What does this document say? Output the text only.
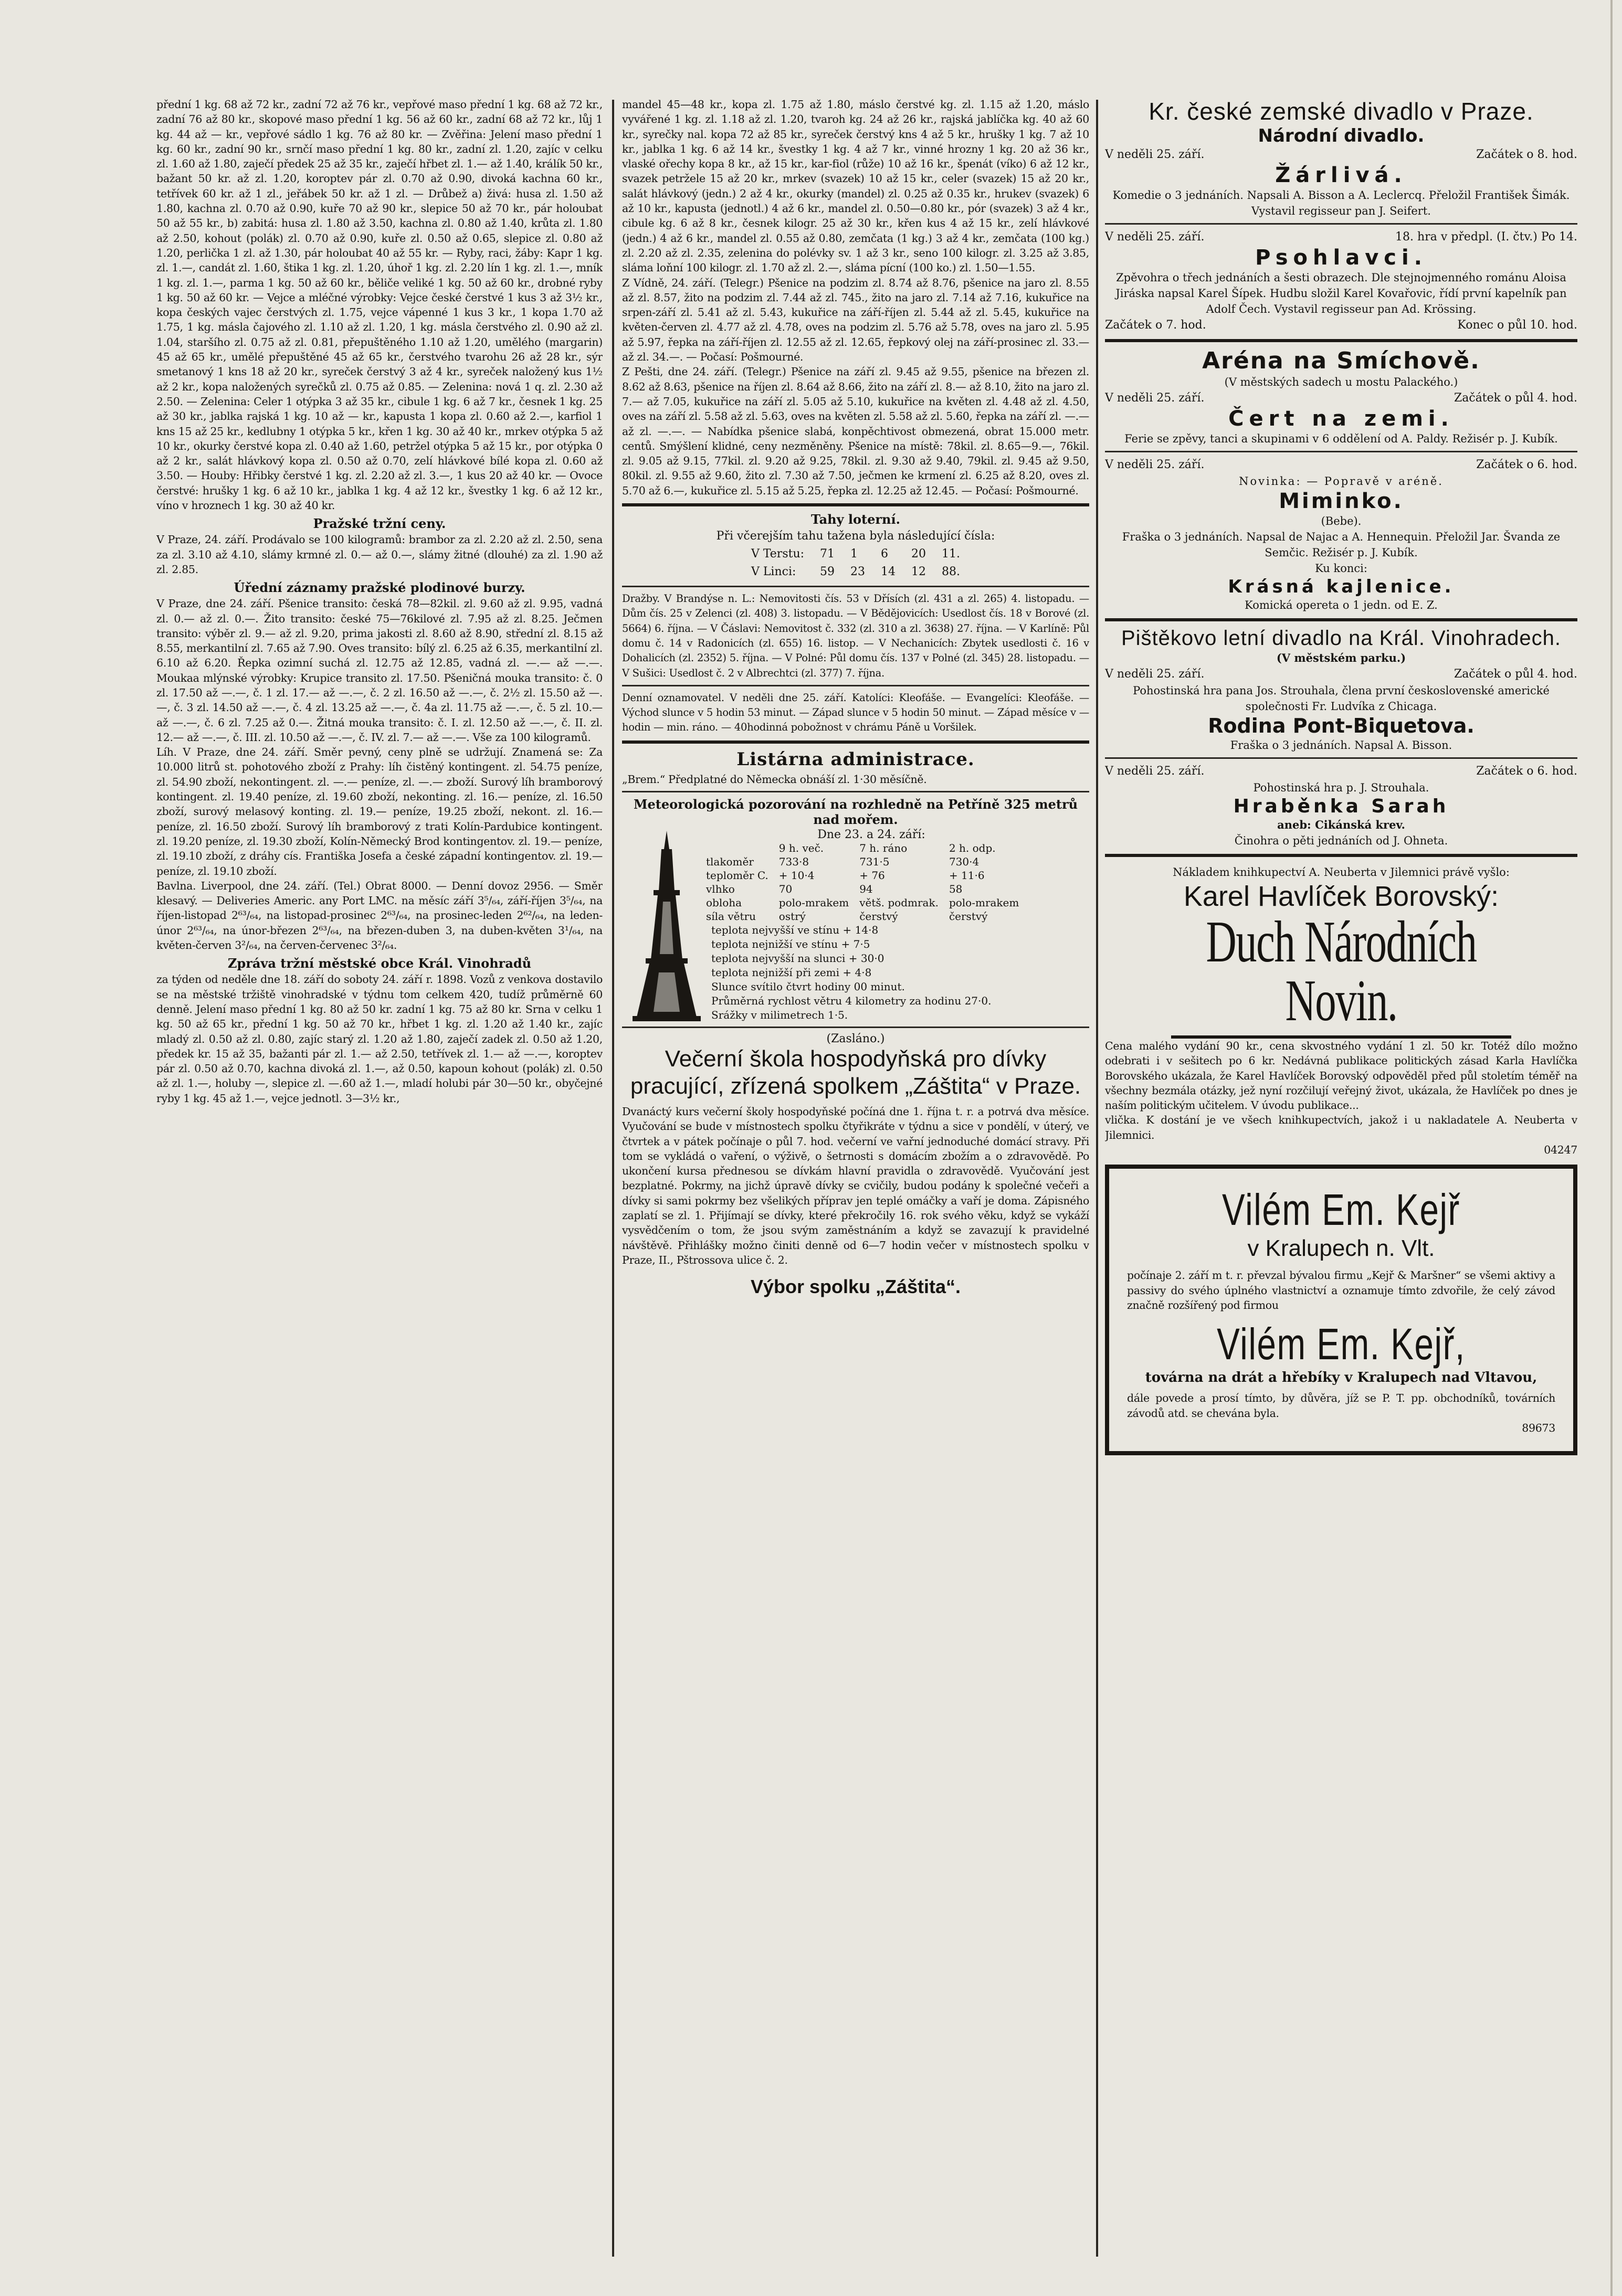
přední 1 kg. 68 až 72 kr., zadní 72 až 76 kr., vepřové maso přední 1 kg. 68 až 72 kr., zadní 76 až 80 kr., skopové maso přední 1 kg. 56 až 60 kr., zadní 68 až 72 kr., lůj 1 kg. 44 až — kr., vepřové sádlo 1 kg. 76 až 80 kr. — Zvěřina: Jelení maso přední 1 kg. 60 kr., zadní 90 kr., srnčí maso přední 1 kg. 80 kr., zadní zl. 1.20, zajíc v celku zl. 1.60 až 1.80, zaječí předek 25 až 35 kr., zaječí hřbet zl. 1.— až 1.40, králík 50 kr., bažant 50 kr. až zl. 1.20, koroptev pár zl. 0.70 až 0.90, divoká kachna 60 kr., tetřívek 60 kr. až 1 zl., jeřábek 50 kr. až 1 zl. — Drůbež a) živá: husa zl. 1.50 až 1.80, kachna zl. 0.70 až 0.90, kuře 70 až 90 kr., slepice 50 až 70 kr., pár holoubat 50 až 55 kr., b) zabitá: husa zl. 1.80 až 3.50, kachna zl. 0.80 až 1.40, krůta zl. 1.80 až 2.50, kohout (polák) zl. 0.70 až 0.90, kuře zl. 0.50 až 0.65, slepice zl. 0.80 až 1.20, perlička 1 zl. až 1.30, pár holoubat 40 až 55 kr. — Ryby, raci, žáby: Kapr 1 kg. zl. 1.—, candát zl. 1.60, štika 1 kg. zl. 1.20, úhoř 1 kg. zl. 2.20 lín 1 kg. zl. 1.—, mník 1 kg. zl. 1.—, parma 1 kg. 50 až 60 kr., běliče veliké 1 kg. 50 až 60 kr., drobné ryby 1 kg. 50 až 60 kr. — Vejce a mléčné výrobky: Vejce české čerstvé 1 kus 3 až 3½ kr., kopa českých vajec čerstvých zl. 1.75, vejce vápenné 1 kus 3 kr., 1 kopa 1.70 až 1.75, 1 kg. másla čajového zl. 1.10 až zl. 1.20, 1 kg. másla čerstvého zl. 0.90 až zl. 1.04, staršího zl. 0.75 až zl. 0.81, přepuštěného 1.10 až 1.20, umělého (margarin) 45 až 65 kr., umělé přepuštěné 45 až 65 kr., čerstvého tvarohu 26 až 28 kr., sýr smetanový 1 kns 18 až 20 kr., syreček čerstvý 3 až 4 kr., syreček naložený kus 1½ až 2 kr., kopa naložených syrečků zl. 0.75 až 0.85. — Zelenina: nová 1 q. zl. 2.30 až 2.50. — Zelenina: Celer 1 otýpka 3 až 35 kr., cibule 1 kg. 6 až 7 kr., česnek 1 kg. 25 až 30 kr., jablka rajská 1 kg. 10 až — kr., kapusta 1 kopa zl. 0.60 až 2.—, karfiol 1 kns 15 až 25 kr., kedlubny 1 otýpka 5 kr., křen 1 kg. 30 až 40 kr., mrkev otýpka 5 až 10 kr., okurky čerstvé kopa zl. 0.40 až 1.60, petržel otýpka 5 až 15 kr., por otýpka 0 až 2 kr., salát hlávkový kopa zl. 0.50 až 0.70, zelí hlávkové bílé kopa zl. 0.60 až 3.50. — Houby: Hřibky čerstvé 1 kg. zl. 2.20 až zl. 3.—, 1 kus 20 až 40 kr. — Ovoce čerstvé: hrušky 1 kg. 6 až 10 kr., jablka 1 kg. 4 až 12 kr., švestky 1 kg. 6 až 12 kr., víno v hroznech 1 kg. 30 až 40 kr.

Pražské tržní ceny.

V Praze, 24. září. Prodávalo se 100 kilogramů: brambor za zl. 2.20 až zl. 2.50, sena za zl. 3.10 až 4.10, slámy krmné zl. 0.— až 0.—, slámy žitné (dlouhé) za zl. 1.90 až zl. 2.85.

Úřední záznamy pražské plodinové burzy.

V Praze, dne 24. září. Pšenice transito: česká 78—82kil. zl. 9.60 až zl. 9.95, vadná zl. 0.— až zl. 0.—. Žito transito: české 75—76kilové zl. 7.95 až zl. 8.25. Ječmen transito: výběr zl. 9.— až zl. 9.20, prima jakosti zl. 8.60 až 8.90, střední zl. 8.15 až 8.55, merkantilní zl. 7.65 až 7.90. Oves transito: bílý zl. 6.25 až 6.35, merkantilní zl. 6.10 až 6.20. Řepka ozimní suchá zl. 12.75 až 12.85, vadná zl. —.— až —.—. Moukaa mlýnské výrobky: Krupice transito zl. 17.50. Pšeničná mouka transito: č. 0 zl. 17.50 až —.—, č. 1 zl. 17.— až —.—, č. 2 zl. 16.50 až —.—, č. 2½ zl. 15.50 až —.—, č. 3 zl. 14.50 až —.—, č. 4 zl. 13.25 až —.—, č. 4a zl. 11.75 až —.—, č. 5 zl. 10.— až —.—, č. 6 zl. 7.25 až 0.—. Žitná mouka transito: č. I. zl. 12.50 až —.—, č. II. zl. 12.— až —.—, č. III. zl. 10.50 až —.—, č. IV. zl. 7.— až —.—. Vše za 100 kilogramů.

Líh. V Praze, dne 24. září. Směr pevný, ceny plně se udržují. Znamená se: Za 10.000 litrů st. pohotového zboží z Prahy: líh čistěný kontingent. zl. 54.75 peníze, zl. 54.90 zboží, nekontingent. zl. —.— peníze, zl. —.— zboží. Surový líh bramborový kontingent. zl. 19.40 peníze, zl. 19.60 zboží, nekonting. zl. 16.— peníze, zl. 16.50 zboží, surový melasový konting. zl. 19.— peníze, 19.25 zboží, nekont. zl. 16.— peníze, zl. 16.50 zboží. Surový líh bramborový z trati Kolín-Pardubice kontingent. zl. 19.20 peníze, zl. 19.30 zboží, Kolín-Německý Brod kontingentov. zl. 19.— peníze, zl. 19.10 zboží, z dráhy cís. Františka Josefa a české západní kontingentov. zl. 19.— peníze, zl. 19.10 zboží.

Bavlna. Liverpool, dne 24. září. (Tel.) Obrat 8000. — Denní dovoz 2956. — Směr klesavý. — Deliveries Americ. any Port LMC. na měsíc září 3⁵/₆₄, září-říjen 3⁵/₆₄, na říjen-listopad 2⁶³/₆₄, na listopad-prosinec 2⁶³/₆₄, na prosinec-leden 2⁶²/₆₄, na leden-únor 2⁶³/₆₄, na únor-březen 2⁶³/₆₄, na březen-duben 3, na duben-květen 3¹/₆₄, na květen-červen 3²/₆₄, na červen-červenec 3²/₆₄.

Zpráva tržní městské obce Král. Vinohradů

za týden od neděle dne 18. září do soboty 24. září r. 1898. Vozů z venkova dostavilo se na městské tržiště vinohradské v týdnu tom celkem 420, tudíž průměrně 60 denně. Jelení maso přední 1 kg. 80 až 50 kr. zadní 1 kg. 75 až 80 kr. Srna v celku 1 kg. 50 až 65 kr., přední 1 kg. 50 až 70 kr., hřbet 1 kg. zl. 1.20 až 1.40 kr., zajíc mladý zl. 0.50 až zl. 0.80, zajíc starý zl. 1.20 až 1.80, zaječí zadek zl. 0.50 až 1.20, předek kr. 15 až 35, bažanti pár zl. 1.— až 2.50, tetřívek zl. 1.— až —.—, koroptev pár zl. 0.50 až 0.70, kachna divoká zl. 1.—, až 0.50, kapoun kohout (polák) zl. 0.50 až zl. 1.—, holuby —, slepice zl. —.60 až 1.—, mladí holubi pár 30—50 kr., obyčejné ryby 1 kg. 45 až 1.—, vejce jednotl. 3—3½ kr.,

mandel 45—48 kr., kopa zl. 1.75 až 1.80, máslo čerstvé kg. zl. 1.15 až 1.20, máslo vyvářené 1 kg. zl. 1.18 až zl. 1.20, tvaroh kg. 24 až 26 kr., rajská jablíčka kg. 40 až 60 kr., syrečky nal. kopa 72 až 85 kr., syreček čerstvý kns 4 až 5 kr., hrušky 1 kg. 7 až 10 kr., jablka 1 kg. 6 až 14 kr., švestky 1 kg. 4 až 7 kr., vinné hrozny 1 kg. 20 až 36 kr., vlaské ořechy kopa 8 kr., až 15 kr., kar-fiol (růže) 10 až 16 kr., špenát (víko) 6 až 12 kr., svazek petržele 15 až 20 kr., mrkev (svazek) 10 až 15 kr., celer (svazek) 15 až 20 kr., salát hlávkový (jedn.) 2 až 4 kr., okurky (mandel) zl. 0.25 až 0.35 kr., hrukev (svazek) 6 až 10 kr., kapusta (jednotl.) 4 až 6 kr., mandel zl. 0.50—0.80 kr., pór (svazek) 3 až 4 kr., cibule kg. 6 až 8 kr., česnek kilogr. 25 až 30 kr., křen kus 4 až 15 kr., zelí hlávkové (jedn.) 4 až 6 kr., mandel zl. 0.55 až 0.80, zemčata (1 kg.) 3 až 4 kr., zemčata (100 kg.) zl. 2.20 až zl. 2.35, zelenina do polévky sv. 1 až 3 kr., seno 100 kilogr. zl. 3.25 až 3.85, sláma loňní 100 kilogr. zl. 1.70 až zl. 2.—, sláma pícní (100 ko.) zl. 1.50—1.55.

Z Vídně, 24. září. (Telegr.) Pšenice na podzim zl. 8.74 až 8.76, pšenice na jaro zl. 8.55 až zl. 8.57, žito na podzim zl. 7.44 až zl. 745., žito na jaro zl. 7.14 až 7.16, kukuřice na srpen-září zl. 5.41 až zl. 5.43, kukuřice na září-říjen zl. 5.44 až zl. 5.45, kukuřice na květen-červen zl. 4.77 až zl. 4.78, oves na podzim zl. 5.76 až 5.78, oves na jaro zl. 5.95 až 5.97, řepka na září-říjen zl. 12.55 až zl. 12.65, řepkový olej na září-prosinec zl. 33.— až zl. 34.—. — Počasí: Pošmourné.

Z Pešti, dne 24. září. (Telegr.) Pšenice na září zl. 9.45 až 9.55, pšenice na březen zl. 8.62 až 8.63, pšenice na říjen zl. 8.64 až 8.66, žito na září zl. 8.— až 8.10, žito na jaro zl. 7.— až 7.05, kukuřice na září zl. 5.05 až 5.10, kukuřice na květen zl. 4.48 až zl. 4.50, oves na září zl. 5.58 až zl. 5.63, oves na květen zl. 5.58 až zl. 5.60, řepka na září zl. —.— až zl. —.—. — Nabídka pšenice slabá, konpěchtivost obmezená, obrat 15.000 metr. centů. Smýšlení klidné, ceny nezměněny. Pšenice na místě: 78kil. zl. 8.65—9.—, 76kil. zl. 9.05 až 9.15, 77kil. zl. 9.20 až 9.25, 78kil. zl. 9.30 až 9.40, 79kil. zl. 9.45 až 9.50, 80kil. zl. 9.55 až 9.60, žito zl. 7.30 až 7.50, ječmen ke krmení zl. 6.25 až 8.20, oves zl. 5.70 až 6.—, kukuřice zl. 5.15 až 5.25, řepka zl. 12.25 až 12.45. — Počasí: Pošmourné.

Tahy loterní.
Při včerejším tahu tažena byla následující čísla:
V Terstu:	71	1	6	20	11.
V Linci:	59	23	14	12	88.

Dražby. V Brandýse n. L.: Nemovitosti čís. 53 v Dřísích (zl. 431 a zl. 265) 4. listopadu. — Dům čís. 25 v Zelenci (zl. 408) 3. listopadu. — V Bědějovicích: Usedlost čís. 18 v Borové (zl. 5664) 6. října. — V Čáslavi: Nemovitost č. 332 (zl. 310 a zl. 3638) 27. října. — V Karlíně: Půl domu č. 14 v Radonicích (zl. 655) 16. listop. — V Nechanicích: Zbytek usedlosti č. 16 v Dohalicích (zl. 2352) 5. října. — V Polné: Půl domu čís. 137 v Polné (zl. 345) 28. listopadu. — V Sušici: Usedlost č. 2 v Albrechtci (zl. 377) 7. října.

Denní oznamovatel. V neděli dne 25. září. Katolíci: Kleofáše. — Evangelíci: Kleofáše. — Východ slunce v 5 hodin 53 minut. — Západ slunce v 5 hodin 50 minut. — Západ měsíce v — hodin — min. ráno. — 40hodinná pobožnost v chrámu Páně u Voršilek.

Listárna administrace.

„Brem.“ Předplatné do Německa obnáší zl. 1·30 měsíčně.

Meteorologická pozorování na rozhledně na Petříně 325 metrů nad mořem.
Dne 23. a 24. září:
	9 h. več.	7 h. ráno	2 h. odp.
tlakoměr	733·8	731·5	730·4
teploměr C.	+ 10·4	+ 76	+ 11·6
vlhko	70	94	58
obloha	polo-mrakem	větš. podmrak.	polo-mrakem
síla větru	ostrý	čerstvý	čerstvý
teplota nejvyšší ve stínu + 14·8
teplota nejnižší ve stínu + 7·5
teplota nejvyšší na slunci + 30·0
teplota nejnižší při zemi + 4·8
Slunce svítilo čtvrt hodiny 00 minut.
Průměrná rychlost větru 4 kilometry za hodinu 27·0.
Srážky v milimetrech 1·5.
(Zasláno.)
Večerní škola hospodyňská pro dívky pracující, zřízená spolkem „Záštita“ v Praze.

Dvanáctý kurs večerní školy hospodyňské počíná dne 1. října t. r. a potrvá dva měsíce. Vyučování se bude v místnostech spolku čtyřikráte v týdnu a sice v pondělí, v úterý, ve čtvrtek a v pátek počínaje o půl 7. hod. večerní ve vařní jednoduché domácí stravy. Při tom se vykládá o vaření, o výživě, o šetrnosti s domácím zbožím a o zdravovědě. Po ukončení kursa přednesou se dívkám hlavní pravidla o zdravovědě. Vyučování jest bezplatné. Pokrmy, na jichž úpravě dívky se cvičily, budou podány k společné večeři a dívky si sami pokrmy bez všelikých příprav jen teplé omáčky a vaří je doma. Zápisného zaplatí se zl. 1. Přijímají se dívky, které překročily 16. rok svého věku, když se vykáží vysvědčením o tom, že jsou svým zaměstnáním a když se zavazují k pravidelné návštěvě. Přihlášky možno činiti denně od 6—7 hodin večer v místnostech spolku v Praze, II., Pštrossova ulice č. 2.

Výbor spolku „Záštita“.

Kr. české zemské divadlo v Praze.

Národní divadlo.

V neděli 25. září.	Začátek o 8. hod.

Žárlivá.

Komedie o 3 jednáních. Napsali A. Bisson a A. Leclercq. Přeložil František Šimák. Vystavil regisseur pan J. Seifert.

V neděli 25. září.	18. hra v předpl. (I. čtv.) Po 14.

Psohlavci.

Zpěvohra o třech jednáních a šesti obrazech. Dle stejnojmenného románu Aloisa Jiráska napsal Karel Šípek. Hudbu složil Karel Kovařovic, řídí první kapelník pan Adolf Čech. Vystavil regisseur pan Ad. Krössing.

Začátek o 7. hod.	Konec o půl 10. hod.

Aréna na Smíchově.

(V městských sadech u mostu Palackého.)

V neděli 25. září.	Začátek o půl 4. hod.

Čert na zemi.

Ferie se zpěvy, tanci a skupinami v 6 oddělení od A. Paldy. Režisér p. J. Kubík.

V neděli 25. září.	Začátek o 6. hod.

Novinka: — Popravě v aréně.

Miminko.

(Bebe).

Fraška o 3 jednáních. Napsal de Najac a A. Hennequin. Přeložil Jar. Švanda ze Semčic. Režisér p. J. Kubík.

Ku konci:

Krásná kajlenice.

Komická opereta o 1 jedn. od E. Z.

Pištěkovo letní divadlo na Král. Vinohradech.

(V městském parku.)

V neděli 25. září.	Začátek o půl 4. hod.

Pohostinská hra pana Jos. Strouhala, člena první československé americké společnosti Fr. Ludvíka z Chicaga.

Rodina Pont-Biquetova.

Fraška o 3 jednáních. Napsal A. Bisson.

V neděli 25. září.	Začátek o 6. hod.

Pohostinská hra p. J. Strouhala.

Hraběnka Sarah

aneb: Cikánská krev.

Činohra o pěti jednáních od J. Ohneta.

Nákladem knihkupectví A. Neuberta v Jilemnici právě vyšlo:

Karel Havlíček Borovský:

Duch Národních Novin.

Cena malého vydání 90 kr., cena skvostného vydání 1 zl. 50 kr. Totéž dílo možno odebrati i v sešitech po 6 kr. Nedávná publikace politických zásad Karla Havlíčka Borovského ukázala, že Karel Havlíček Borovský odpověděl před půl stoletím téměř na všechny bezmála otázky, jež nyní rozčilují veřejný život, ukázala, že Havlíček po dnes je naším politickým učitelem. V úvodu publikace...

vlička. K dostání je ve všech knihkupectvích, jakož i u nakladatele A. Neuberta v Jilemnici.

04247

Vilém Em. Kejř

v Kralupech n. Vlt.

počínaje 2. září m t. r. převzal bývalou firmu „Kejř & Maršner“ se všemi aktivy a passivy do svého úplného vlastnictví a oznamuje tímto zdvořile, že celý závod značně rozšířený pod firmou

Vilém Em. Kejř,

továrna na drát a hřebíky v Kralupech nad Vltavou,

dále povede a prosí tímto, by důvěra, jíž se P. T. pp. obchodníků, továrních závodů atd. se chevána byla.

89673
